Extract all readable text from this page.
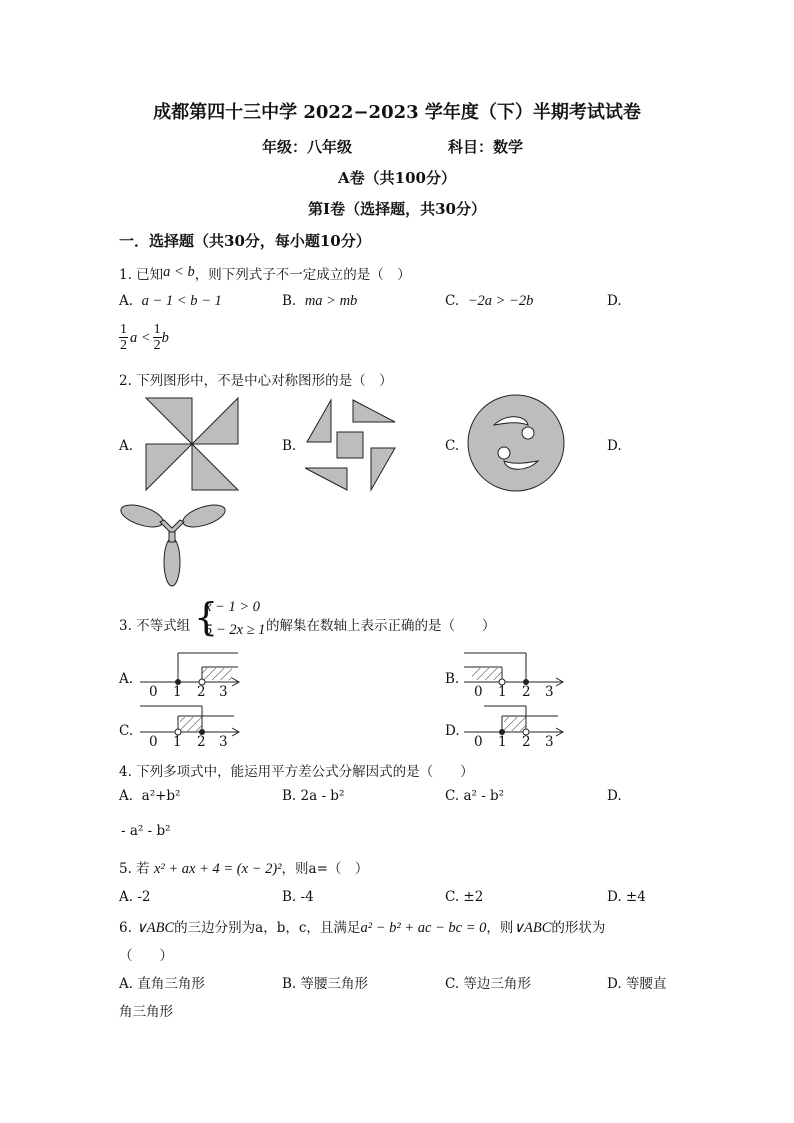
成都第四十三中学 2022−2023 学年度（下）半期考试试卷
年级：八年级	科目：数学
A卷（共100分）
第Ⅰ卷（选择题，共30分）
一．选择题（共30分，每小题10分）
1. 已知a < b，则下列式子不一定成立的是（　）
A. a − 1 < b − 1	B. ma > mb	C. −2a > −2b	D.
$\frac{1}{2}$ $a < \frac{1}{2}$ b
2. 下列图形中，不是中心对称图形的是（　）
A.	B.	C.	D.
3. 不等式组 {
x − 1 > 0
5 − 2x ≥ 1 的解集在数轴上表示正确的是（　　）
A.	B.
C.	D.
0 1 2 3	0 1 2 3
0 1 2 3	0 1 2 3
4. 下列多项式中，能运用平方差公式分解因式的是（　　）
A. a²+b²	B. 2a - b²	C. a² - b²	D.
- a² - b²
5. 若 x² + ax + 4 = (x − 2)²，则a=（　）
A. -2	B. -4	C. ±2	D. ±4
6. ∨ABC的三边分别为a，b，c，且满足a² − b² + ac − bc = 0，则∨ABC的形状为
（　　）
A. 直角三角形	B. 等腰三角形	C. 等边三角形	D. 等腰直
角三角形
